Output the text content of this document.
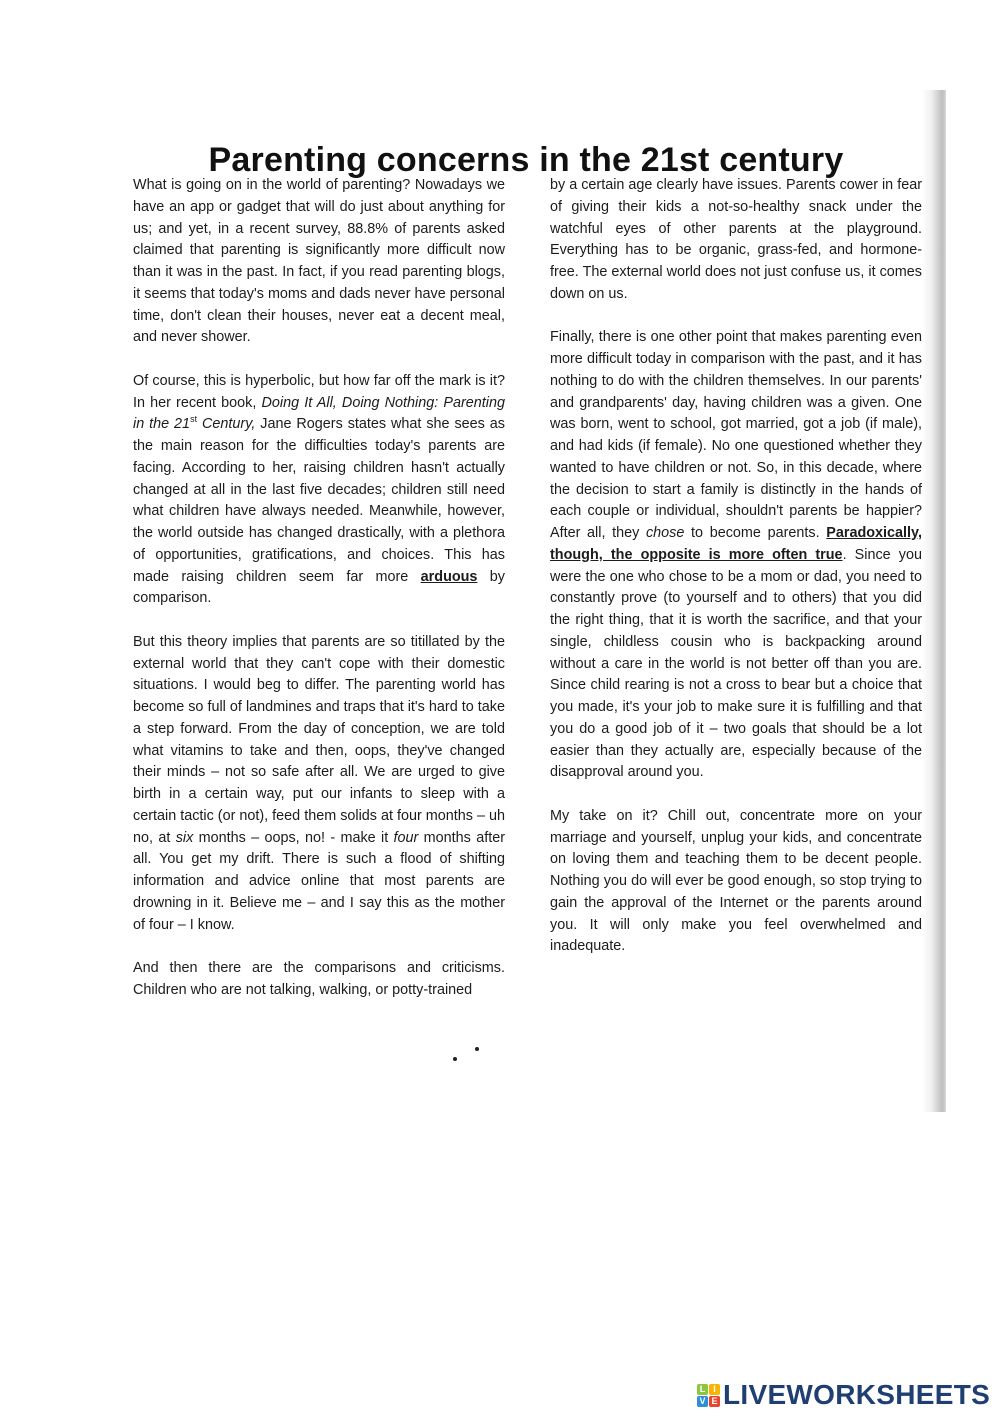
Parenting concerns in the 21st century

What is going on in the world of parenting? Nowadays we have an app or gadget that will do just about anything for us; and yet, in a recent survey, 88.8% of parents asked claimed that parenting is significantly more difficult now than it was in the past. In fact, if you read parenting blogs, it seems that today's moms and dads never have personal time, don't clean their houses, never eat a decent meal, and never shower.

Of course, this is hyperbolic, but how far off the mark is it? In her recent book, Doing It All, Doing Nothing: Parenting in the 21st Century, Jane Rogers states what she sees as the main reason for the difficulties today's parents are facing. According to her, raising children hasn't actually changed at all in the last five decades; children still need what children have always needed. Meanwhile, however, the world outside has changed drastically, with a plethora of opportunities, gratifications, and choices. This has made raising children seem far more arduous by comparison.

But this theory implies that parents are so titillated by the external world that they can't cope with their domestic situations. I would beg to differ. The parenting world has become so full of landmines and traps that it's hard to take a step forward. From the day of conception, we are told what vitamins to take and then, oops, they've changed their minds – not so safe after all. We are urged to give birth in a certain way, put our infants to sleep with a certain tactic (or not), feed them solids at four months – uh no, at six months – oops, no! - make it four months after all. You get my drift. There is such a flood of shifting information and advice online that most parents are drowning in it. Believe me – and I say this as the mother of four – I know.

And then there are the comparisons and criticisms. Children who are not talking, walking, or potty-trained

by a certain age clearly have issues. Parents cower in fear of giving their kids a not-so-healthy snack under the watchful eyes of other parents at the playground. Everything has to be organic, grass-fed, and hormone-free. The external world does not just confuse us, it comes down on us.

Finally, there is one other point that makes parenting even more difficult today in comparison with the past, and it has nothing to do with the children themselves. In our parents' and grandparents' day, having children was a given. One was born, went to school, got married, got a job (if male), and had kids (if female). No one questioned whether they wanted to have children or not. So, in this decade, where the decision to start a family is distinctly in the hands of each couple or individual, shouldn't parents be happier? After all, they chose to become parents. Paradoxically, though, the opposite is more often true. Since you were the one who chose to be a mom or dad, you need to constantly prove (to yourself and to others) that you did the right thing, that it is worth the sacrifice, and that your single, childless cousin who is backpacking around without a care in the world is not better off than you are. Since child rearing is not a cross to bear but a choice that you made, it's your job to make sure it is fulfilling and that you do a good job of it – two goals that should be a lot easier than they actually are, especially because of the disapproval around you.

My take on it? Chill out, concentrate more on your marriage and yourself, unplug your kids, and concentrate on loving them and teaching them to be decent people. Nothing you do will ever be good enough, so stop trying to gain the approval of the Internet or the parents around you. It will only make you feel overwhelmed and inadequate.

L I
V E LIVEWORKSHEETS
